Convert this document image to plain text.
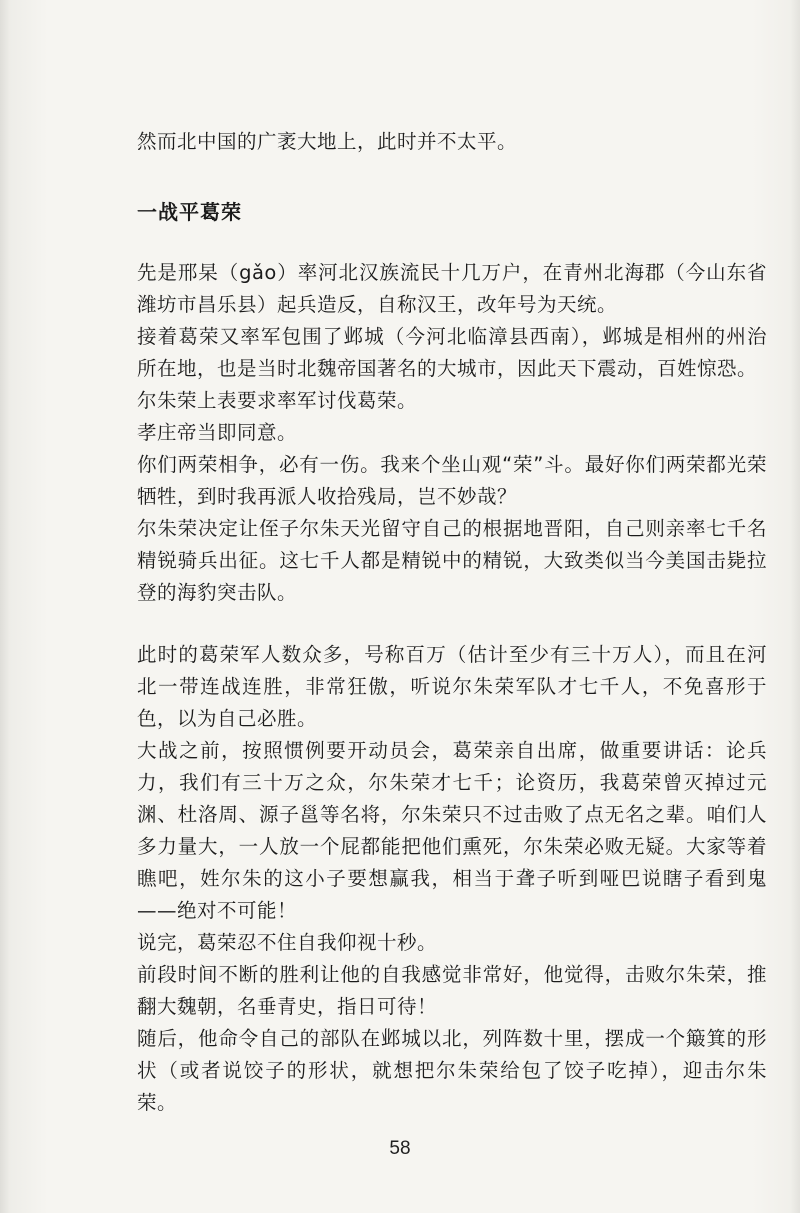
然而北中国的广袤大地上，此时并不太平。

一战平葛荣

先是邢杲（gǎo）率河北汉族流民十几万户，在青州北海郡（今山东省潍坊市昌乐县）起兵造反，自称汉王，改年号为天统。

接着葛荣又率军包围了邺城（今河北临漳县西南），邺城是相州的州治所在地，也是当时北魏帝国著名的大城市，因此天下震动，百姓惊恐。

尔朱荣上表要求率军讨伐葛荣。

孝庄帝当即同意。

你们两荣相争，必有一伤。我来个坐山观“荣”斗。最好你们两荣都光荣牺牲，到时我再派人收拾残局，岂不妙哉？

尔朱荣决定让侄子尔朱天光留守自己的根据地晋阳，自己则亲率七千名精锐骑兵出征。这七千人都是精锐中的精锐，大致类似当今美国击毙拉登的海豹突击队。

此时的葛荣军人数众多，号称百万（估计至少有三十万人），而且在河北一带连战连胜，非常狂傲，听说尔朱荣军队才七千人，不免喜形于色，以为自己必胜。

大战之前，按照惯例要开动员会，葛荣亲自出席，做重要讲话：论兵力，我们有三十万之众，尔朱荣才七千；论资历，我葛荣曾灭掉过元渊、杜洛周、源子邕等名将，尔朱荣只不过击败了点无名之辈。咱们人多力量大，一人放一个屁都能把他们熏死，尔朱荣必败无疑。大家等着瞧吧，姓尔朱的这小子要想赢我，相当于聋子听到哑巴说瞎子看到鬼——绝对不可能！

说完，葛荣忍不住自我仰视十秒。

前段时间不断的胜利让他的自我感觉非常好，他觉得，击败尔朱荣，推翻大魏朝，名垂青史，指日可待！

随后，他命令自己的部队在邺城以北，列阵数十里，摆成一个簸箕的形状（或者说饺子的形状，就想把尔朱荣给包了饺子吃掉），迎击尔朱荣。

58
